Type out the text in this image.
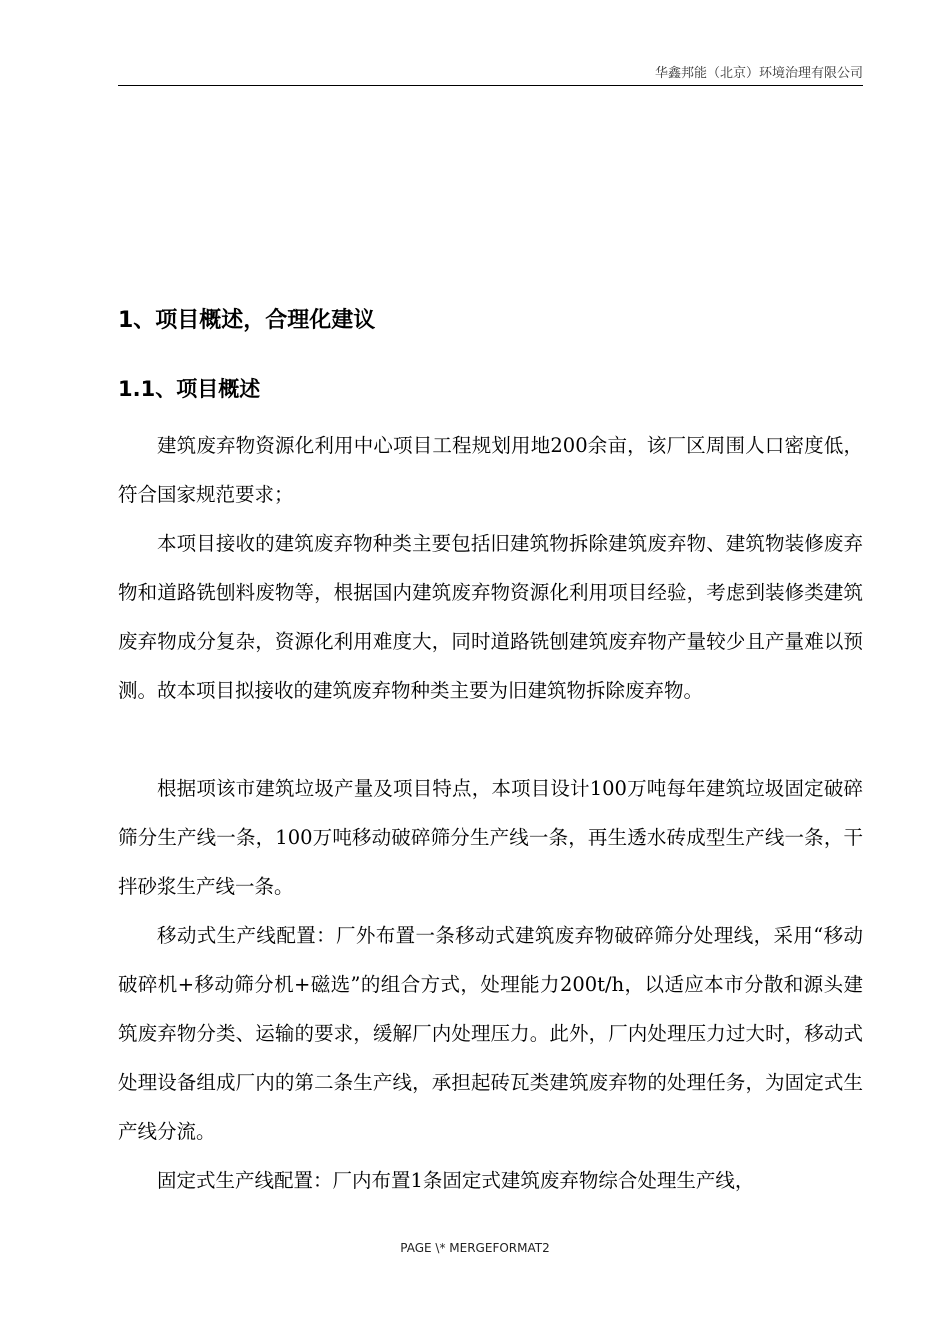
华鑫邦能（北京）环境治理有限公司
1、项目概述，合理化建议
1.1、项目概述

建筑废弃物资源化利用中心项目工程规划用地200余亩，该厂区周围人口密度低，符合国家规范要求；

本项目接收的建筑废弃物种类主要包括旧建筑物拆除建筑废弃物、建筑物装修废弃物和道路铣刨料废物等，根据国内建筑废弃物资源化利用项目经验，考虑到装修类建筑废弃物成分复杂，资源化利用难度大，同时道路铣刨建筑废弃物产量较少且产量难以预测。故本项目拟接收的建筑废弃物种类主要为旧建筑物拆除废弃物。

根据项该市建筑垃圾产量及项目特点，本项目设计100万吨每年建筑垃圾固定破碎筛分生产线一条，100万吨移动破碎筛分生产线一条，再生透水砖成型生产线一条，干拌砂浆生产线一条。

移动式生产线配置：厂外布置一条移动式建筑废弃物破碎筛分处理线，采用“移动破碎机+移动筛分机+磁选”的组合方式，处理能力200t/h，以适应本市分散和源头建筑废弃物分类、运输的要求，缓解厂内处理压力。此外，厂内处理压力过大时，移动式处理设备组成厂内的第二条生产线，承担起砖瓦类建筑废弃物的处理任务，为固定式生产线分流。

固定式生产线配置：厂内布置1条固定式建筑废弃物综合处理生产线，

PAGE \* MERGEFORMAT2
